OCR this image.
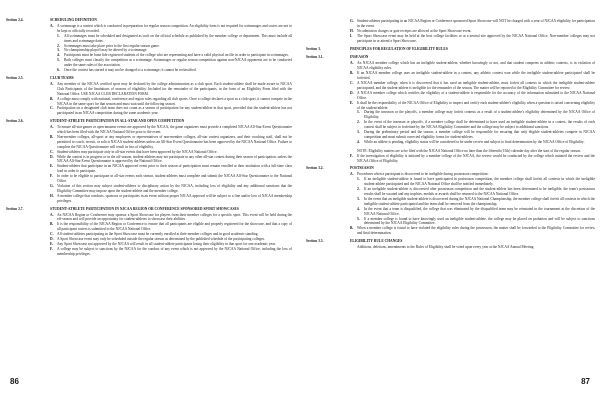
Section 2.4.	SCHEDULING DEFINITION
A. A scrimmage is a contest which is conducted in preparation for regular season competition. An eligibility form is not required for scrimmages and scores are not to be kept or officially recorded.
1.	All scrimmages must be scheduled and designated as such on the official schedule as published by the member college or department. This must include all times and scrimmage dates.
2.	Scrimmages must take place prior to the first regular season game.
3.	No championship playoff may be altered by a scrimmage.
4.	Participants must be bona fide registered students of the college who are representing and have a valid physical on file in order to participate in scrimmages.
5.	Both colleges must classify the competition as a scrimmage. Scrimmages or regular season competition against non-NJCAA opponents are to be conducted under the same rules of the association.
6.	Once the contest has started it may not be changed to a scrimmage; it cannot be reclassified.
Section 2.5.	CLUB TEAMS
A. Any member of the NJCAA certified sport may be declared by the college administration as a club sport. Each student-athlete shall be made aware to NJCAA Club Participants of the limitations of seasons of eligibility. Included for the remainder of the participants, in the form of an Eligibility Form filed with the National Office. USE NJCAA CLUB DECLARATION FORM.
B.	A college must comply with national, conference and region rules regarding all club sports. Once a college declares a sport as a club sport, it cannot compete in the NJCAA in the same sport for that season and must wait until the following season.
C. Participation on a designated club team does not count as a season of participation for any student-athlete in that sport, provided that the student-athlete has not participated in an NJCAA competition during the same academic year.
Section 2.6.	STUDENT-ATHLETE PARTICIPATION IN ALL-STAR AND OPEN COMPETITION
A. To ensure all-star games or open amateur events are approved by the NJCAA, the game organizers must provide a completed NJCAA All-Star Event Questionnaire which has been filed with the NJCAA National Office prior to the event.
B.	Non-member colleges, all-sport or any employees or representatives of non-member colleges, all-star contest organizers, and their coaching staff, shall not be permitted to coach, recruit, or solicit NJCAA student-athletes unless an All-Star Event Questionnaire has been approved by the NJCAA National Office. Failure to complete the NJCAA Questionnaire will result in loss of eligibility.
C. Student-athletes may participate only in all-star events that have been approved by the NJCAA National Office.
D. While the contest is in progress or in the off-season, student-athletes may not participate in any other all-star contest during their season of participation, unless the NJCAA All-Star Event Questionnaire is approved by the National Office.
E.	Student-athletes that participate in an NJCAA approved event prior to their season of participation must remain enrolled at their institution with a full-time class load in order to participate.
F.	In order to be eligible to participate in all-star events each season, student-athletes must complete and submit the NJCAA All-Star Questionnaire to the National Office.
G. Violation of this section may subject student-athletes to disciplinary action by the NJCAA, including loss of eligibility and any additional sanctions that the Eligibility Committee may impose upon the student-athlete and the member college.
H. A member college that conducts, sponsors or participates in an event without proper NJCAA approval will be subject to a fine and/or loss of NJCAA membership privileges.
Section 2.7.	STUDENT-ATHLETE PARTICIPATION IN NJCAA REGION OR CONFERENCE SPONSORED SPORT SHOWCASES
A. An NJCAA Region or Conference may sponsor a Sport Showcase for players from their member colleges for a specific sport. This event will be held during the off-season and will provide an opportunity for student-athletes to showcase their abilities.
B.	It is the responsibility of the NJCAA Region or Conference to ensure that all participants are eligible and properly registered for the showcase, and that a copy of all participant rosters is submitted to the NJCAA National Office.
C. All student-athletes participating in the Sport Showcase must be currently enrolled at their member colleges and in good academic standing.
D. A Sport Showcase event may only be scheduled outside the regular season as determined by the published schedule of the participating colleges.
E.	Any Sport Showcase not approved by the NJCAA will result in all student-athlete participants losing their eligibility in that sport for one academic year.
F.	A college may be subject to sanctions by the NJCAA for the conduct of any event which is not approved by the NJCAA National Office, including the loss of membership privileges.
G. Student-athletes participating in an NJCAA Region or Conference sponsored Sport Showcase will NOT be charged with a year of NJCAA eligibility for participation in the event.
H. No admission charges or gate receipts are allowed at the Sport Showcase event.
I.	The Sport Showcase event may be held at the host college facilities or at a neutral site approved by the NJCAA National Office. Non-member colleges may not participate in or attend a Sport Showcase.
Section 3.	PRINCIPLES FOR REGULATION OF ELIGIBILITY RULES
Section 3.1.	INSEASON
A. An NJCAA member college which has an ineligible student-athlete, whether knowingly or not, and that student competes in athletic contests, is in violation of NJCAA eligibility rules.
B.	If an NJCAA member college uses an ineligible student-athlete in a contest, any athletic contest won while the ineligible student-athlete participated shall be forfeited.
C. A NJCAA member college, when it is discovered that it has used an ineligible student-athlete, must forfeit all contests in which the ineligible student-athlete participated, and the student-athlete is ineligible for the remainder of the season. The matter will be reported to the Eligibility Committee for review.
D. A NJCAA member college which certifies the eligibility of a student-athlete is responsible for the accuracy of the information submitted to the NJCAA National Office.
E.	It shall be the responsibility of the NJCAA Office of Eligibility to inspect and certify each student-athlete's eligibility when a question is raised concerning eligibility of the student-athlete.
1.	During the inseason or the playoffs, a member college may forfeit contests as a result of a student-athlete's eligibility determined by the NJCAA Office of Eligibility.
2.	In the event of the inseason or playoffs, if a member college shall be determined to have used an ineligible student-athlete in a contest, the results of each contest shall be subject to forfeiture by the NJCAA Eligibility Committee and the college may be subject to additional sanctions.
3.	During the preliminary period and the season, a member college will be responsible for ensuring that only eligible student-athletes compete in NJCAA competition and must submit corrected eligibility forms for student-athletes.
4.	While an athlete is pending, eligibility status will be considered to be under review and subject to final determination by the NJCAA Office of Eligibility.
NOTE: Eligibility matters are to be filed with the NJCAA National Office no later than the fifteenth (15th) calendar day after the start of the regular season.
F.	If the investigation of eligibility is initiated by a member college of the NJCAA, the review would be conducted by the college which initiated the review and the NJCAA Office of Eligibility.
Section 3.2.	POSTSEASON
A. Procedures when a participant is discovered to be ineligible during postseason competition:
1.	If an ineligible student-athlete is found to have participated in postseason competition, the member college shall forfeit all contests in which the ineligible student-athlete participated and the NJCAA National Office shall be notified immediately.
2.	If an ineligible student-athlete is discovered after postseason competition and the student-athlete has been determined to be ineligible, the team's postseason results shall be vacated and any trophies, medals or awards shall be returned to the NJCAA National Office.
3.	In the event that an ineligible student-athlete is discovered during the NJCAA National Championship, the member college shall forfeit all contests in which the ineligible student-athlete participated and the team shall be removed from the championship.
4.	In the event that a team is disqualified, the college that was eliminated by the disqualified team may be reinstated in the tournament at the discretion of the NJCAA National Office.
5.	If a member college is found to have knowingly used an ineligible student-athlete, the college may be placed on probation and will be subject to sanctions determined by the NJCAA Eligibility Committee.
B.	When a member college is found to have violated the eligibility rules during the postseason, the matter shall be forwarded to the Eligibility Committee for review and final determination.
Section 3.3.	ELIGIBILITY RULE CHANGES
Additions, deletions, amendments to the Rules of Eligibility shall be voted upon every year at the NJCAA Annual Meeting.
86	87
